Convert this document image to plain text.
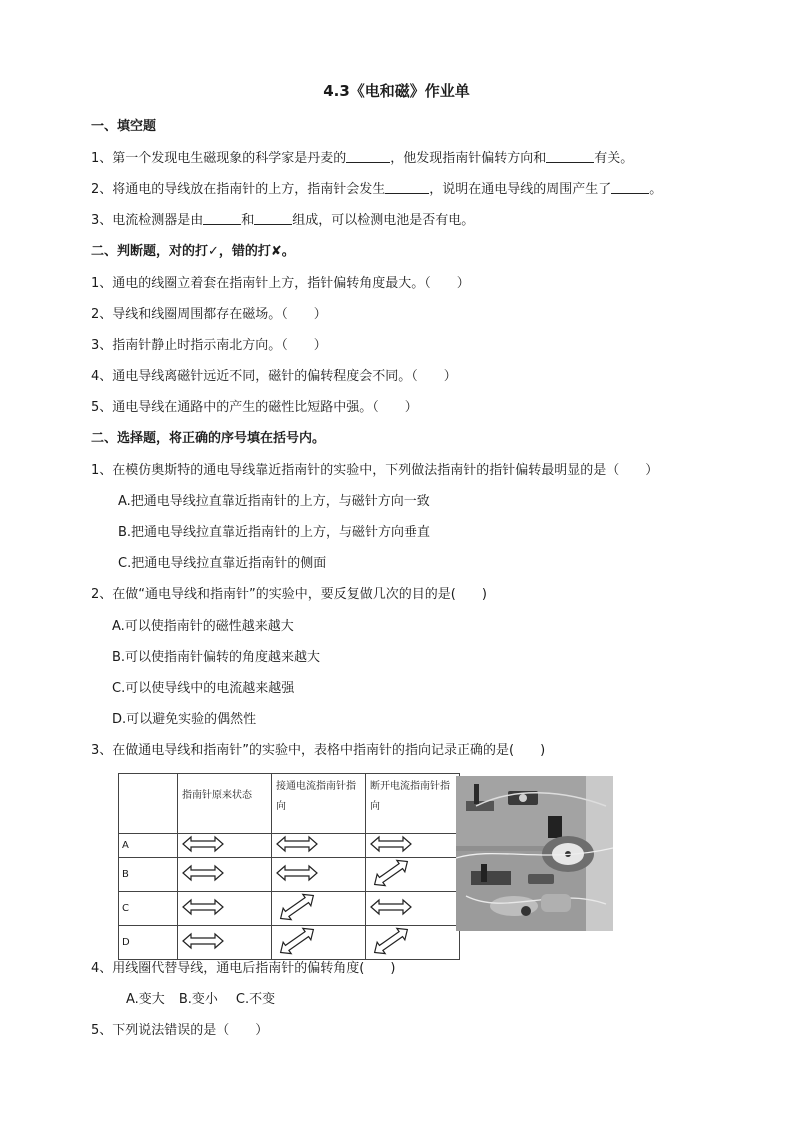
4.3《电和磁》作业单
一、填空题
1、第一个发现电生磁现象的科学家是丹麦的	，他发现指南针偏转方向和	有关。
2、将通电的导线放在指南针的上方，指南针会发生	，说明在通电导线的周围产生了	。
3、电流检测器是由	和	组成，可以检测电池是否有电。
二、判断题，对的打✓，错的打✘。
1、通电的线圈立着套在指南针上方，指针偏转角度最大。（　　）
2、导线和线圈周围都存在磁场。（　　）
3、指南针静止时指示南北方向。（　　）
4、通电导线离磁针远近不同，磁针的偏转程度会不同。（　　）
5、通电导线在通路中的产生的磁性比短路中强。（　　）
二、选择题，将正确的序号填在括号内。
1、在模仿奥斯特的通电导线靠近指南针的实验中，下列做法指南针的指针偏转最明显的是（　　）
A.把通电导线拉直靠近指南针的上方，与磁针方向一致
B.把通电导线拉直靠近指南针的上方，与磁针方向垂直
C.把通电导线拉直靠近指南针的侧面
2、在做“通电导线和指南针”的实验中，要反复做几次的目的是(　　)
A.可以使指南针的磁性越来越大
B.可以使指南针偏转的角度越来越大
C.可以使导线中的电流越来越强
D.可以避免实验的偶然性
3、在做通电导线和指南针”的实验中，表格中指南针的指向记录正确的是(　　)
	指南针原来状态	接通电流指南针指向	断开电流指南针指向
A			
B			
C			
D			
4、用线圈代替导线，通电后指南针的偏转角度(　　)
A.变大 B.变小 C.不变
5、下列说法错误的是（　　）
